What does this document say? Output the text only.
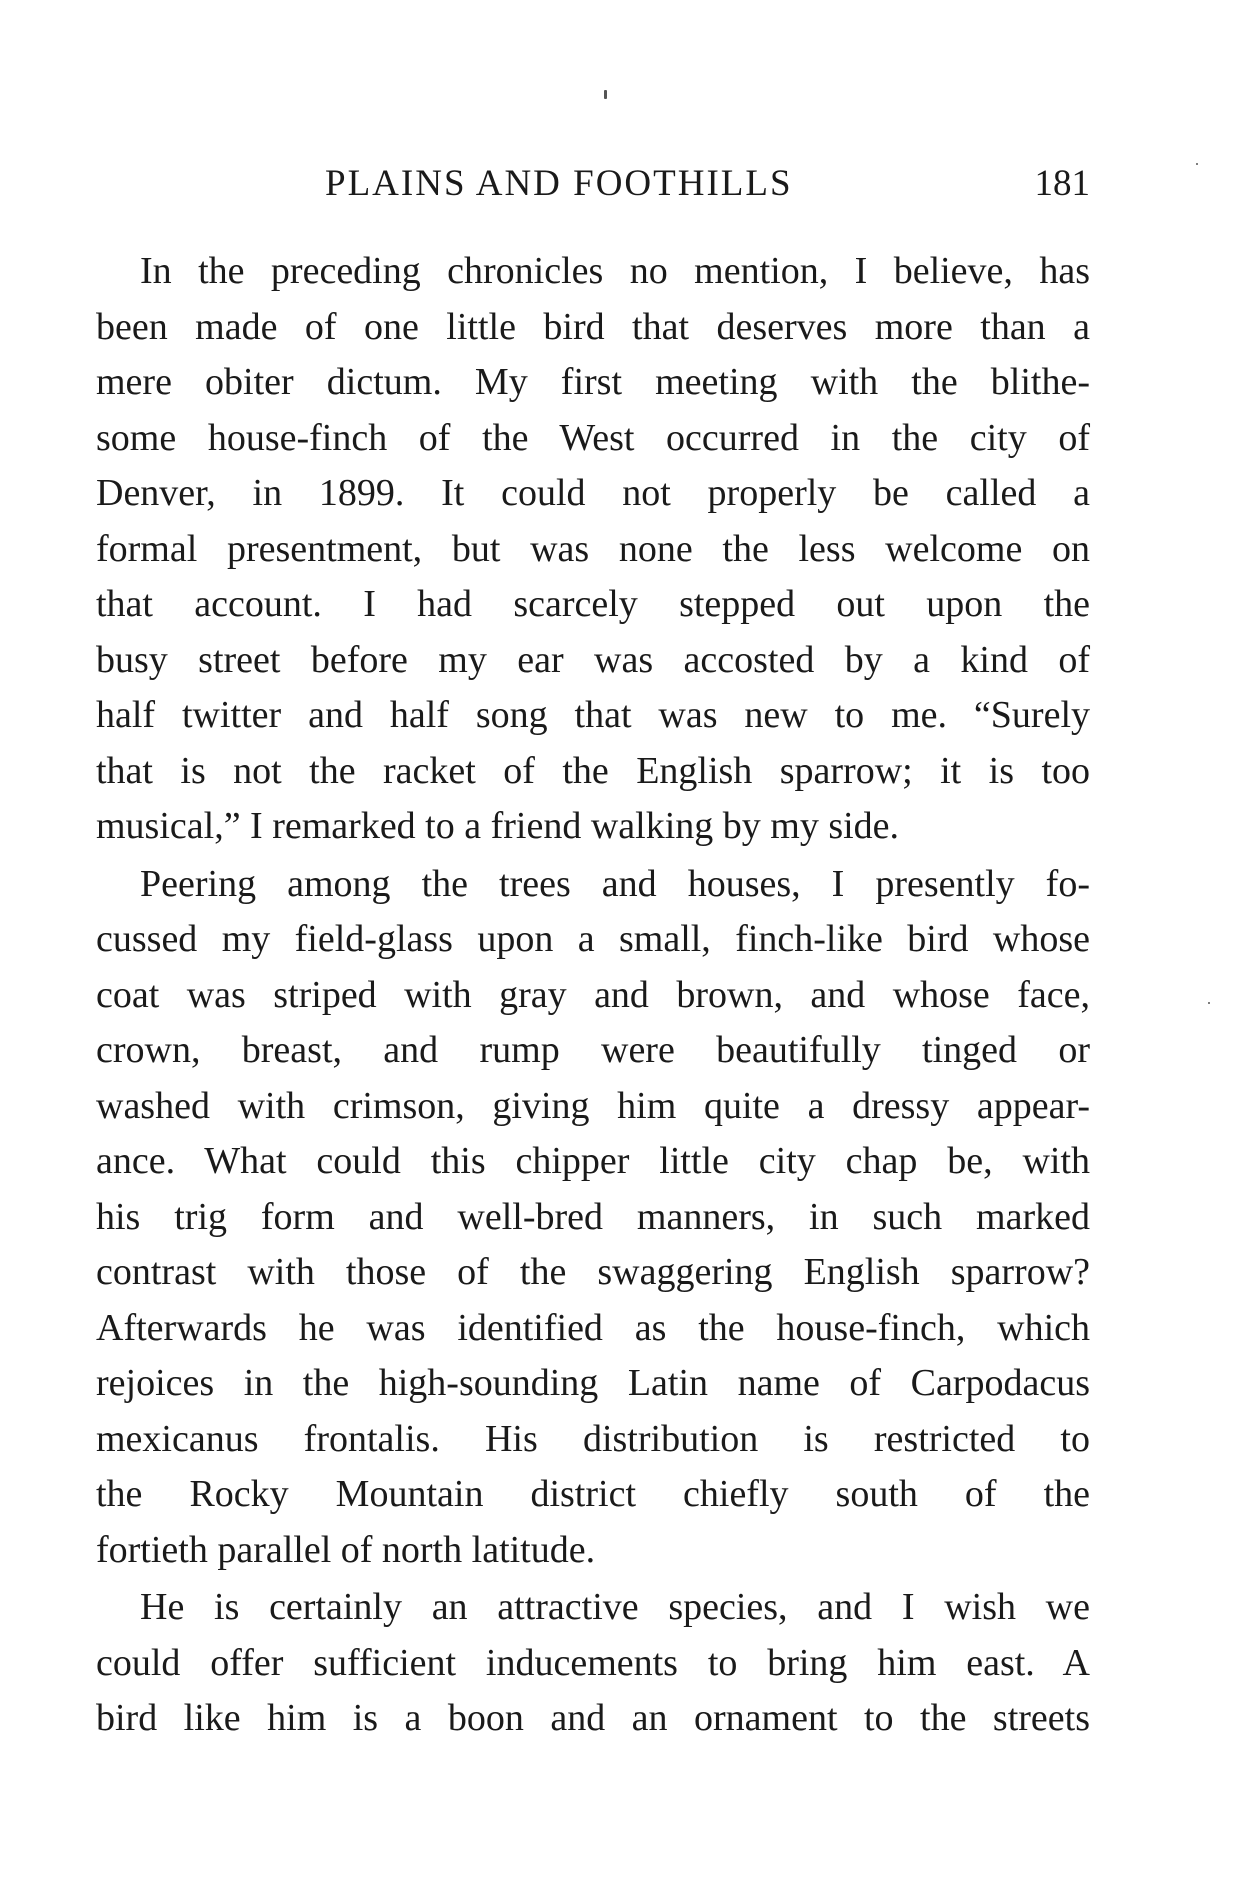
PLAINS AND FOOTHILLS	181
In the preceding chronicles no mention, I believe, has
been made of one little bird that deserves more than a
mere obiter dictum. My first meeting with the blithe-
some house-finch of the West occurred in the city of
Denver, in 1899. It could not properly be called a
formal presentment, but was none the less welcome on
that account. I had scarcely stepped out upon the
busy street before my ear was accosted by a kind of
half twitter and half song that was new to me. “Surely
that is not the racket of the English sparrow; it is too
musical,” I remarked to a friend walking by my side.
Peering among the trees and houses, I presently fo-
cussed my field-glass upon a small, finch-like bird whose
coat was striped with gray and brown, and whose face,
crown, breast, and rump were beautifully tinged or
washed with crimson, giving him quite a dressy appear-
ance. What could this chipper little city chap be, with
his trig form and well-bred manners, in such marked
contrast with those of the swaggering English sparrow?
Afterwards he was identified as the house-finch, which
rejoices in the high-sounding Latin name of Carpodacus
mexicanus frontalis. His distribution is restricted to
the Rocky Mountain district chiefly south of the
fortieth parallel of north latitude.
He is certainly an attractive species, and I wish we
could offer sufficient inducements to bring him east. A
bird like him is a boon and an ornament to the streets
